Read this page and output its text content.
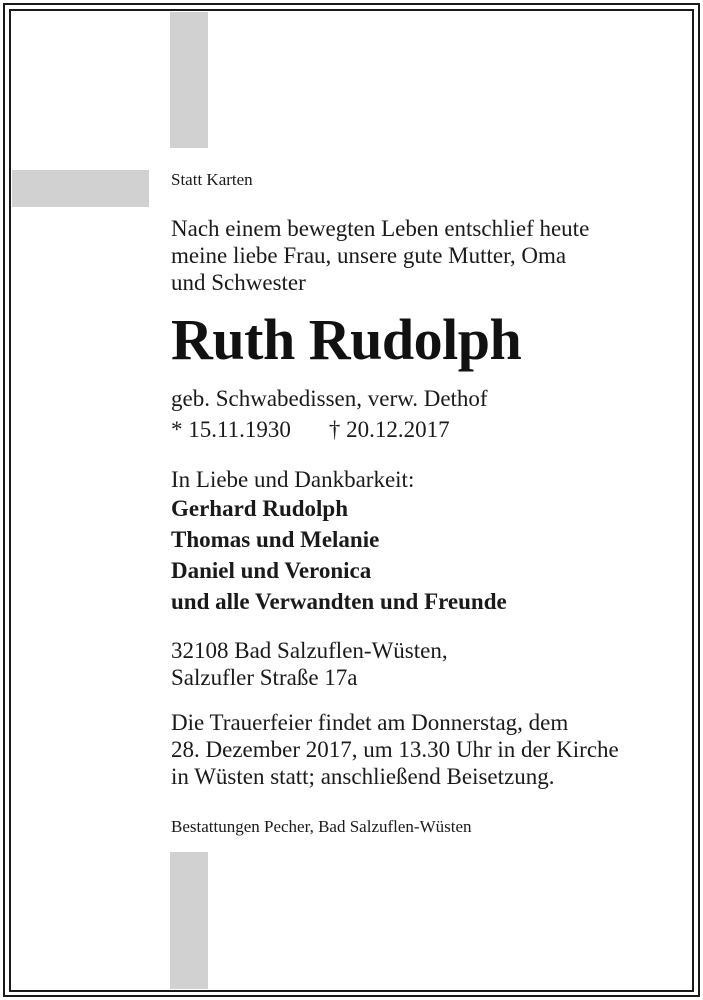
Statt Karten

Nach einem bewegten Leben entschlief heute
meine liebe Frau, unsere gute Mutter, Oma
und Schwester
Ruth Rudolph

geb. Schwabedissen, verw. Dethof

* 15.11.1930 † 20.12.2017

In Liebe und Dankbarkeit:

Gerhard Rudolph
Thomas und Melanie
Daniel und Veronica
und alle Verwandten und Freunde
32108 Bad Salzuflen-Wüsten,
Salzufler Straße 17a
Die Trauerfeier findet am Donnerstag, dem
28. Dezember 2017, um 13.30 Uhr in der Kirche
in Wüsten statt; anschließend Beisetzung.

Bestattungen Pecher, Bad Salzuflen-Wüsten
